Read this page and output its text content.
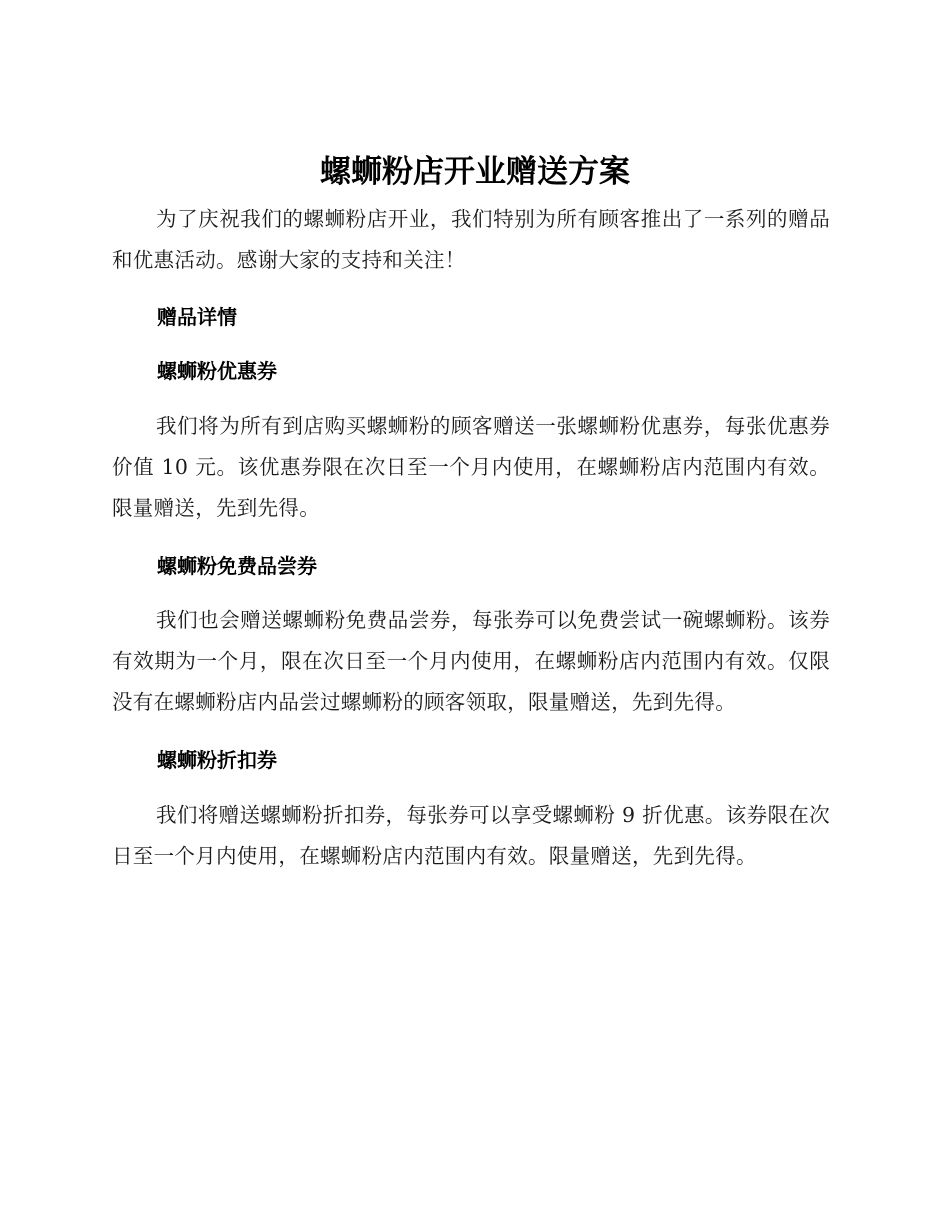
螺蛳粉店开业赠送方案

为了庆祝我们的螺蛳粉店开业，我们特别为所有顾客推出了一系列的赠品和优惠活动。感谢大家的支持和关注！

赠品详情
螺蛳粉优惠券

我们将为所有到店购买螺蛳粉的顾客赠送一张螺蛳粉优惠券，每张优惠券价值 10 元。该优惠券限在次日至一个月内使用，在螺蛳粉店内范围内有效。限量赠送，先到先得。

螺蛳粉免费品尝券

我们也会赠送螺蛳粉免费品尝券，每张券可以免费尝试一碗螺蛳粉。该券有效期为一个月，限在次日至一个月内使用，在螺蛳粉店内范围内有效。仅限没有在螺蛳粉店内品尝过螺蛳粉的顾客领取，限量赠送，先到先得。

螺蛳粉折扣券

我们将赠送螺蛳粉折扣券，每张券可以享受螺蛳粉 9 折优惠。该券限在次日至一个月内使用，在螺蛳粉店内范围内有效。限量赠送，先到先得。
